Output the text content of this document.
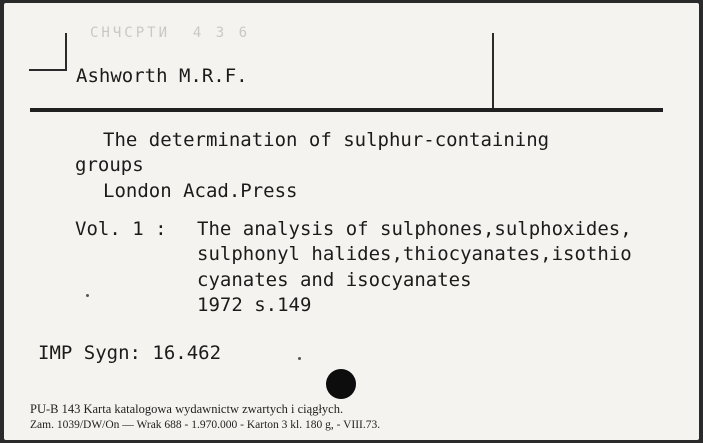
СНЧСРТИ  4 3 6
Ashworth M.R.F.
The determination of sulphur-containing
groups
London Acad.Press
Vol. 1 : The analysis of sulphones,sulphoxides,
sulphonyl halides,thiocyanates,isothio
cyanates and isocyanates
1972 s.149
IMP Sygn: 16.462
PU-B 143 Karta katalogowa wydawnictw zwartych i ciągłych.
Zam. 1039/DW/On — Wrak 688 - 1.970.000 - Karton 3 kl. 180 g, - VIII.73.
